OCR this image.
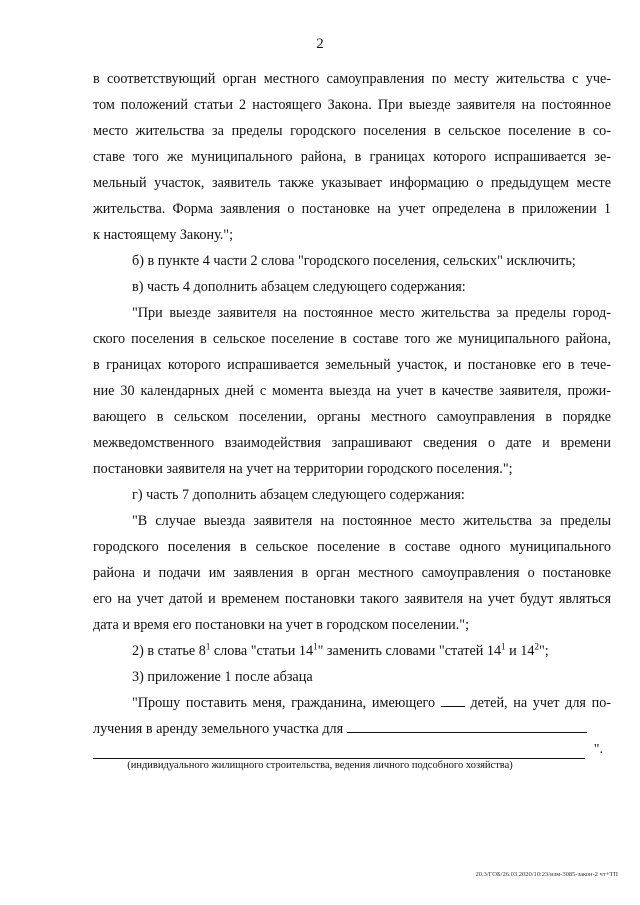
2

в соответствующий орган местного самоуправления по месту жительства с уче-
том положений статьи 2 настоящего Закона. При выезде заявителя на постоянное
место жительства за пределы городского поселения в сельское поселение в со-
ставе того же муниципального района, в границах которого испрашивается зе-
мельный участок, заявитель также указывает информацию о предыдущем месте
жительства. Форма заявления о постановке на учет определена в приложении 1
к настоящему Закону.";

б) в пункте 4 части 2 слова "городского поселения, сельских" исключить;

в) часть 4 дополнить абзацем следующего содержания:

"При выезде заявителя на постоянное место жительства за пределы город-
ского поселения в сельское поселение в составе того же муниципального района,
в границах которого испрашивается земельный участок, и постановке его в тече-
ние 30 календарных дней с момента выезда на учет в качестве заявителя, прожи-
вающего в сельском поселении, органы местного самоуправления в порядке
межведомственного взаимодействия запрашивают сведения о дате и времени
постановки заявителя на учет на территории городского поселения.";

г) часть 7 дополнить абзацем следующего содержания:

"В случае выезда заявителя на постоянное место жительства за пределы
городского поселения в сельское поселение в составе одного муниципального
района и подачи им заявления в орган местного самоуправления о постановке
его на учет датой и временем постановки такого заявителя на учет будут являться
дата и время его постановки на учет в городском поселении.";

2) в статье $8^1$ слова "статьи $14^1$" заменить словами "статей $14^1$ и $14^2$";

3) приложение 1 после абзаца

"Прошу поставить меня, гражданина, имеющего детей, на учет для по-
лучения в аренду земельного участка для

".
(индивидуального жилищного строительства, ведения личного подсобного хозяйства)
20.3/ГОБ/26.03.2020/10:23/изм-3085-закон-2 чт+ТП
